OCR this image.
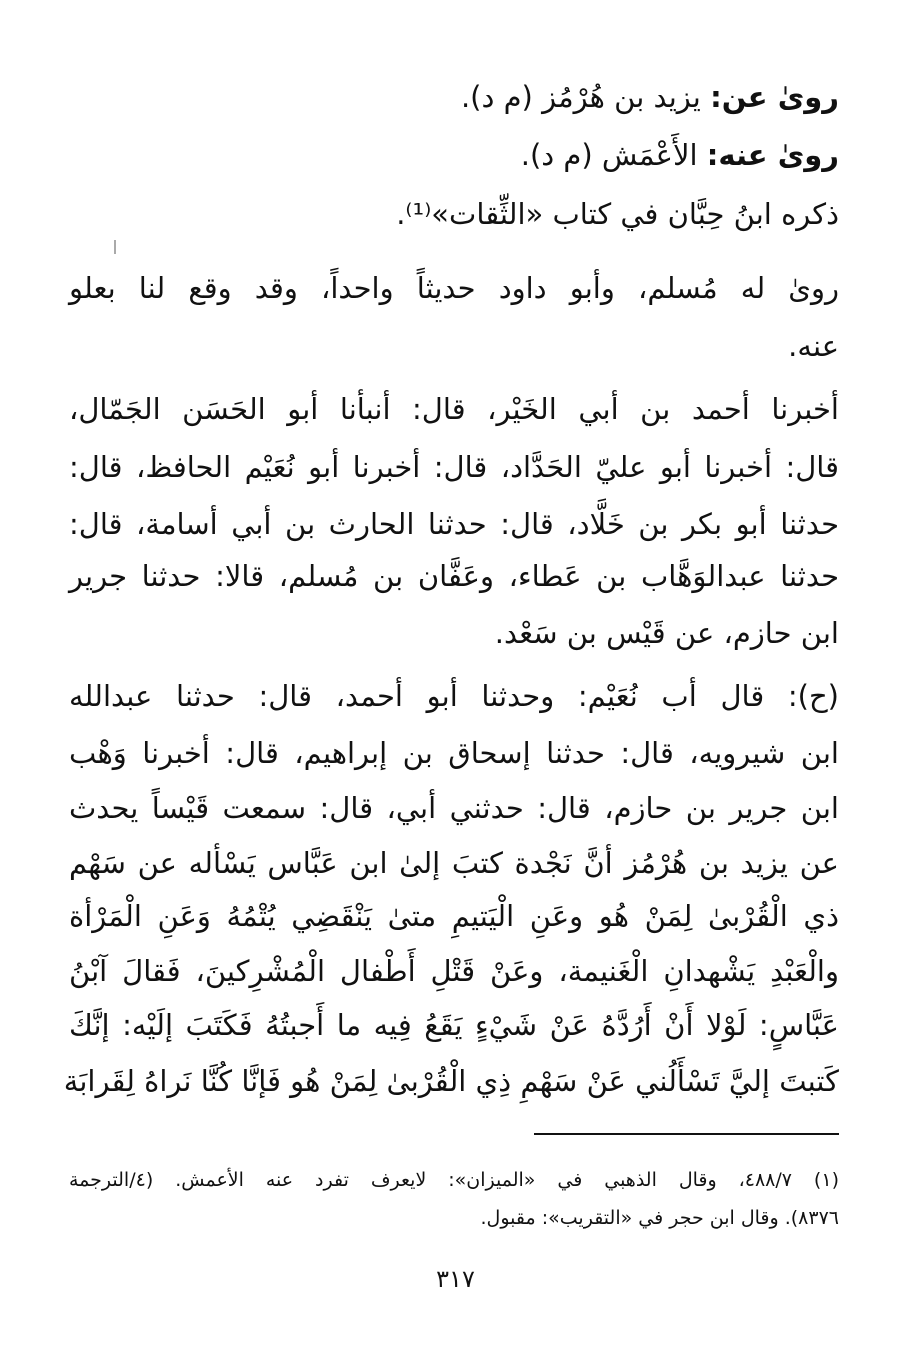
روىٰ عن: يزيد بن هُرْمُز (م د).
روىٰ عنه: الأَعْمَش (م د).
ذكره ابنُ حِبَّان في كتاب «الثِّقات»⁽¹⁾.
روىٰ له مُسلم، وأبو داود حديثاً واحداً، وقد وقع لنا بعلو
عنه.
أخبرنا أحمد بن أبي الخَيْر، قال: أنبأنا أبو الحَسَن الجَمّال،
قال: أخبرنا أبو عليّ الحَدَّاد، قال: أخبرنا أبو نُعَيْم الحافظ، قال:
حدثنا أبو بكر بن خَلَّاد، قال: حدثنا الحارث بن أبي أسامة، قال:
حدثنا عبدالوَهَّاب بن عَطاء، وعَفَّان بن مُسلم، قالا: حدثنا جرير
ابن حازم، عن قَيْس بن سَعْد.
(ح): قال أب نُعَيْم: وحدثنا أبو أحمد، قال: حدثنا عبدالله
ابن شيرويه، قال: حدثنا إسحاق بن إبراهيم، قال: أخبرنا وَهْب
ابن جرير بن حازم، قال: حدثني أبي، قال: سمعت قَيْساً يحدث
عن يزيد بن هُرْمُز أنَّ نَجْدة كتبَ إلىٰ ابن عَبَّاس يَسْأله عن سَهْم
ذي الْقُرْبىٰ لِمَنْ هُو وعَنِ الْيَتيمِ متىٰ يَنْقَضِي يُتْمُهُ وَعَنِ الْمَرْأة
والْعَبْدِ يَشْهدانِ الْغَنيمة، وعَنْ قَتْلِ أَطْفال الْمُشْرِكينَ، فَقالَ آبْنُ
عَبَّاسٍ: لَوْلا أَنْ أَرُدَّهُ عَنْ شَيْءٍ يَقَعُ فِيه ما أَجبتُهُ فَكَتَبَ إلَيْه: إنَّكَ
كَتبتَ إليَّ تَسْأَلُني عَنْ سَهْمِ ذِي الْقُرْبىٰ لِمَنْ هُو فَإنَّا كُنَّا نَراهُ لِقَرابَة
(١) ٤٨٨/٧، وقال الذهبي في «الميزان»: لايعرف تفرد عنه الأعمش. (٤/الترجمة
٨٣٧٦). وقال ابن حجر في «التقريب»: مقبول.
٣١٧
